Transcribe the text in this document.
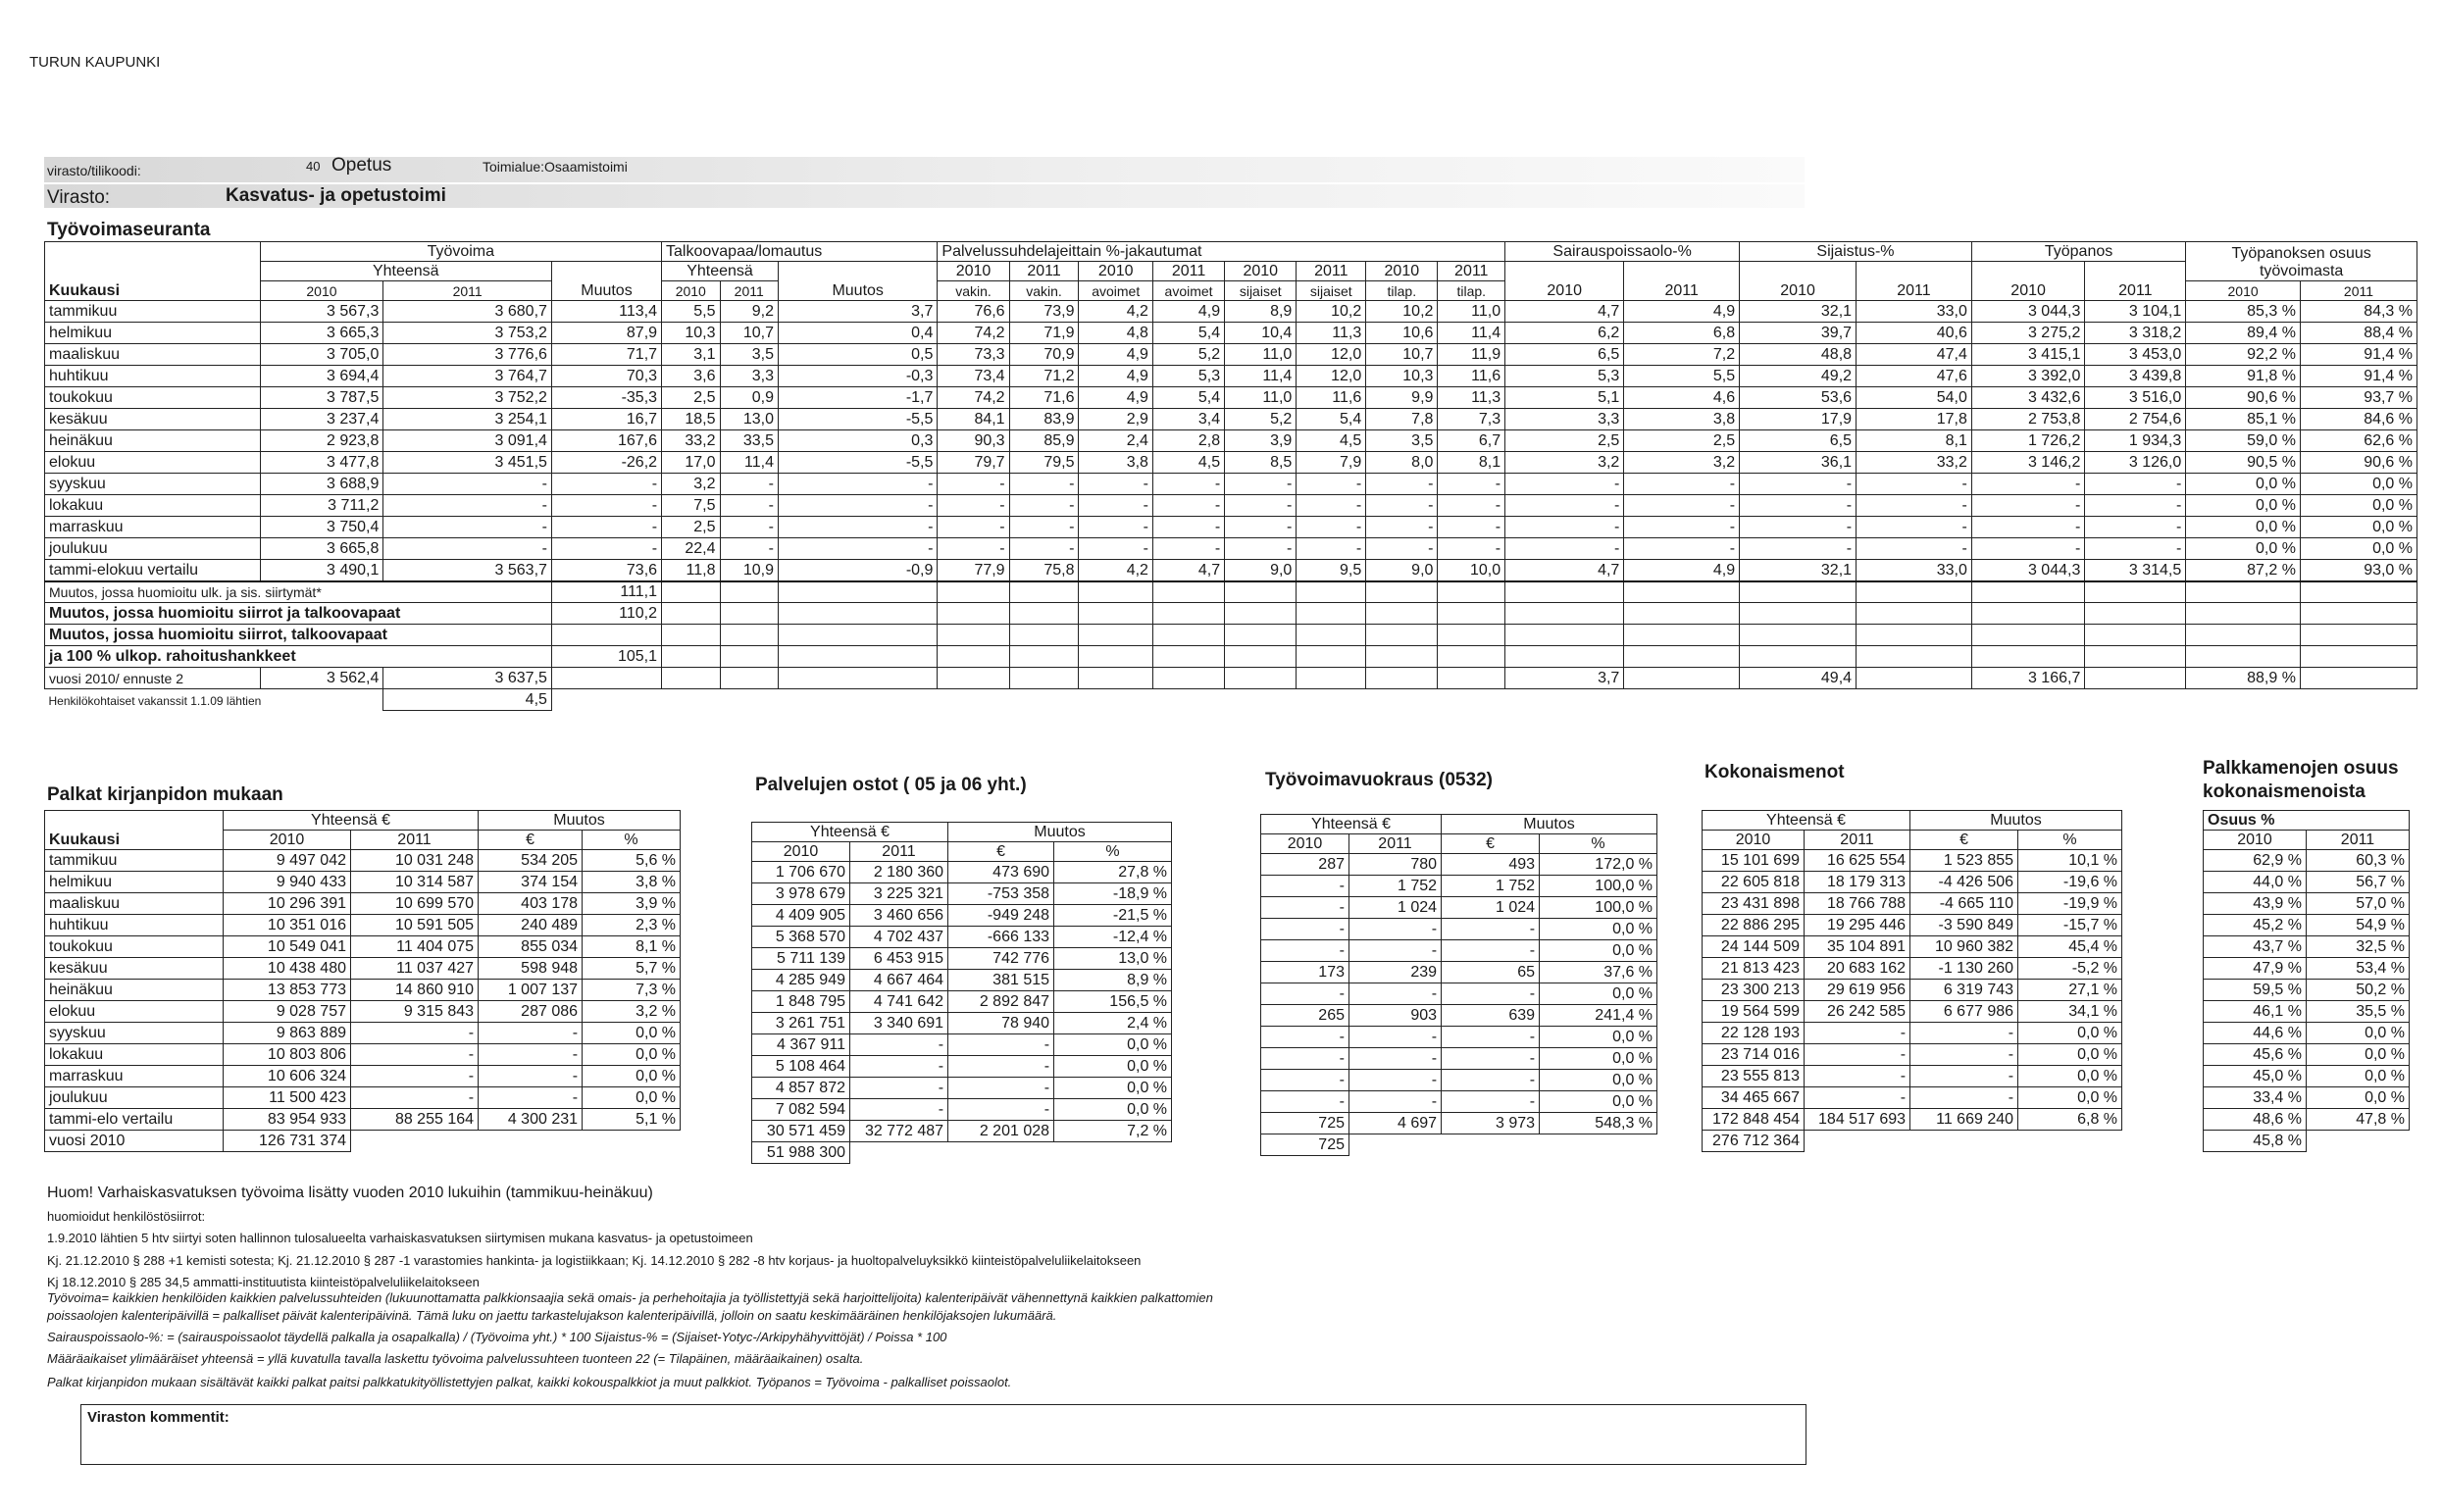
TURUN KAUPUNKI
virasto/tilikoodi:	40 Opetus	Toimialue:Osaamistoimi
Virasto:	Kasvatus- ja opetustoimi
Työvoimaseuranta
Kuukausi	Työvoima			Talkoovapaa/lomautus			Palvelussuhdelajeittain %-jakautumat								Sairauspoissaolo-%		Sijaistus-%		Työpanos		Työpanoksen osuus työvoimasta	
	Yhteensä		Muutos	Yhteensä		Muutos	2010	2011	2010	2011	2010	2011	2010	2011	2010	2011	2010	2011	2010	2011		
	2010	2011		2010	2011		vakin.	vakin.	avoimet	avoimet	sijaiset	sijaiset	tilap.	tilap.							2010	2011
tammikuu	3 567,3	3 680,7	113,4	5,5	9,2	3,7	76,6	73,9	4,2	4,9	8,9	10,2	10,2	11,0	4,7	4,9	32,1	33,0	3 044,3	3 104,1	85,3 %	84,3 %
helmikuu	3 665,3	3 753,2	87,9	10,3	10,7	0,4	74,2	71,9	4,8	5,4	10,4	11,3	10,6	11,4	6,2	6,8	39,7	40,6	3 275,2	3 318,2	89,4 %	88,4 %
maaliskuu	3 705,0	3 776,6	71,7	3,1	3,5	0,5	73,3	70,9	4,9	5,2	11,0	12,0	10,7	11,9	6,5	7,2	48,8	47,4	3 415,1	3 453,0	92,2 %	91,4 %
huhtikuu	3 694,4	3 764,7	70,3	3,6	3,3	-0,3	73,4	71,2	4,9	5,3	11,4	12,0	10,3	11,6	5,3	5,5	49,2	47,6	3 392,0	3 439,8	91,8 %	91,4 %
toukokuu	3 787,5	3 752,2	-35,3	2,5	0,9	-1,7	74,2	71,6	4,9	5,4	11,0	11,6	9,9	11,3	5,1	4,6	53,6	54,0	3 432,6	3 516,0	90,6 %	93,7 %
kesäkuu	3 237,4	3 254,1	16,7	18,5	13,0	-5,5	84,1	83,9	2,9	3,4	5,2	5,4	7,8	7,3	3,3	3,8	17,9	17,8	2 753,8	2 754,6	85,1 %	84,6 %
heinäkuu	2 923,8	3 091,4	167,6	33,2	33,5	0,3	90,3	85,9	2,4	2,8	3,9	4,5	3,5	6,7	2,5	2,5	6,5	8,1	1 726,2	1 934,3	59,0 %	62,6 %
elokuu	3 477,8	3 451,5	-26,2	17,0	11,4	-5,5	79,7	79,5	3,8	4,5	8,5	7,9	8,0	8,1	3,2	3,2	36,1	33,2	3 146,2	3 126,0	90,5 %	90,6 %
syyskuu	3 688,9	-	-	3,2	-	-	-	-	-	-	-	-	-	-	-	-	-	-	-	-	0,0 %	0,0 %
lokakuu	3 711,2	-	-	7,5	-	-	-	-	-	-	-	-	-	-	-	-	-	-	-	-	0,0 %	0,0 %
marraskuu	3 750,4	-	-	2,5	-	-	-	-	-	-	-	-	-	-	-	-	-	-	-	-	0,0 %	0,0 %
joulukuu	3 665,8	-	-	22,4	-	-	-	-	-	-	-	-	-	-	-	-	-	-	-	-	0,0 %	0,0 %
tammi-elokuu vertailu	3 490,1	3 563,7	73,6	11,8	10,9	-0,9	77,9	75,8	4,2	4,7	9,0	9,5	9,0	10,0	4,7	4,9	32,1	33,0	3 044,3	3 314,5	87,2 %	93,0 %
Muutos, jossa huomioitu ulk. ja sis. siirtymät*			111,1																			
Muutos, jossa huomioitu siirrot ja talkoovapaat			110,2																			
Muutos, jossa huomioitu siirrot, talkoovapaat																						
ja 100 % ulkop. rahoitushankkeet			105,1																			
vuosi 2010/ ennuste 2	3 562,4	3 637,5													3,7		49,4		3 166,7		88,9 %	
Henkilökohtaiset vakanssit 1.1.09 lähtien		4,5																				
Palkat kirjanpidon mukaan	Palvelujen ostot ( 05 ja 06 yht.)	Työvoimavuokraus (0532)	Kokonaismenot	Palkkamenojen osuus kokonaismenoista
Kuukausi	Yhteensä €		Muutos	
	2010	2011	€	%
tammikuu	9 497 042	10 031 248	534 205	5,6 %
helmikuu	9 940 433	10 314 587	374 154	3,8 %
maaliskuu	10 296 391	10 699 570	403 178	3,9 %
huhtikuu	10 351 016	10 591 505	240 489	2,3 %
toukokuu	10 549 041	11 404 075	855 034	8,1 %
kesäkuu	10 438 480	11 037 427	598 948	5,7 %
heinäkuu	13 853 773	14 860 910	1 007 137	7,3 %
elokuu	9 028 757	9 315 843	287 086	3,2 %
syyskuu	9 863 889	-	-	0,0 %
lokakuu	10 803 806	-	-	0,0 %
marraskuu	10 606 324	-	-	0,0 %
joulukuu	11 500 423	-	-	0,0 %
tammi-elo vertailu	83 954 933	88 255 164	4 300 231	5,1 %
vuosi 2010	126 731 374			
Yhteensä €		Muutos	
2010	2011	€	%
1 706 670	2 180 360	473 690	27,8 %
3 978 679	3 225 321	-753 358	-18,9 %
4 409 905	3 460 656	-949 248	-21,5 %
5 368 570	4 702 437	-666 133	-12,4 %
5 711 139	6 453 915	742 776	13,0 %
4 285 949	4 667 464	381 515	8,9 %
1 848 795	4 741 642	2 892 847	156,5 %
3 261 751	3 340 691	78 940	2,4 %
4 367 911	-	-	0,0 %
5 108 464	-	-	0,0 %
4 857 872	-	-	0,0 %
7 082 594	-	-	0,0 %
30 571 459	32 772 487	2 201 028	7,2 %
51 988 300			
Yhteensä €		Muutos	
2010	2011	€	%
287	780	493	172,0 %
-	1 752	1 752	100,0 %
-	1 024	1 024	100,0 %
-	-	-	0,0 %
-	-	-	0,0 %
173	239	65	37,6 %
-	-	-	0,0 %
265	903	639	241,4 %
-	-	-	0,0 %
-	-	-	0,0 %
-	-	-	0,0 %
-	-	-	0,0 %
725	4 697	3 973	548,3 %
725			
Yhteensä €		Muutos	
2010	2011	€	%
15 101 699	16 625 554	1 523 855	10,1 %
22 605 818	18 179 313	-4 426 506	-19,6 %
23 431 898	18 766 788	-4 665 110	-19,9 %
22 886 295	19 295 446	-3 590 849	-15,7 %
24 144 509	35 104 891	10 960 382	45,4 %
21 813 423	20 683 162	-1 130 260	-5,2 %
23 300 213	29 619 956	6 319 743	27,1 %
19 564 599	26 242 585	6 677 986	34,1 %
22 128 193	-	-	0,0 %
23 714 016	-	-	0,0 %
23 555 813	-	-	0,0 %
34 465 667	-	-	0,0 %
172 848 454	184 517 693	11 669 240	6,8 %
276 712 364			
Osuus %	
2010	2011
62,9 %	60,3 %
44,0 %	56,7 %
43,9 %	57,0 %
45,2 %	54,9 %
43,7 %	32,5 %
47,9 %	53,4 %
59,5 %	50,2 %
46,1 %	35,5 %
44,6 %	0,0 %
45,6 %	0,0 %
45,0 %	0,0 %
33,4 %	0,0 %
48,6 %	47,8 %
45,8 %	
Huom! Varhaiskasvatuksen työvoima lisätty vuoden 2010 lukuihin (tammikuu-heinäkuu)
huomioidut henkilöstösiirrot:
1.9.2010 lähtien 5 htv siirtyi soten hallinnon tulosalueelta varhaiskasvatuksen siirtymisen mukana kasvatus- ja opetustoimeen
Kj. 21.12.2010 § 288 +1 kemisti sotesta; Kj. 21.12.2010 § 287 -1 varastomies hankinta- ja logistiikkaan; Kj. 14.12.2010 § 282 -8 htv korjaus- ja huoltopalveluyksikkö kiinteistöpalveluliikelaitokseen
Kj 18.12.2010 § 285 34,5 ammatti-instituutista kiinteistöpalveluliikelaitokseen
Työvoima= kaikkien henkilöiden kaikkien palvelussuhteiden (lukuunottamatta palkkionsaajia sekä omais- ja perhehoitajia ja työllistettyjä sekä harjoittelijoita) kalenteripäivät vähennettynä kaikkien palkattomien
poissaolojen kalenteripäivillä = palkalliset päivät kalenteripäivinä. Tämä luku on jaettu tarkastelujakson kalenteripäivillä, jolloin on saatu keskimääräinen henkilöjaksojen lukumäärä.
Sairauspoissaolo-%: = (sairauspoissaolot täydellä palkalla ja osapalkalla) / (Työvoima yht.) * 100 Sijaistus-% = (Sijaiset-Yotyc-/Arkipyhähyvittöjät) / Poissa * 100
Määräaikaiset ylimääräiset yhteensä = yllä kuvatulla tavalla laskettu työvoima palvelussuhteen tuonteen 22 (= Tilapäinen, määräaikainen) osalta.
Palkat kirjanpidon mukaan sisältävät kaikki palkat paitsi palkkatukityöllistettyjen palkat, kaikki kokouspalkkiot ja muut palkkiot. Työpanos = Työvoima - palkalliset poissaolot.
Viraston kommentit:
